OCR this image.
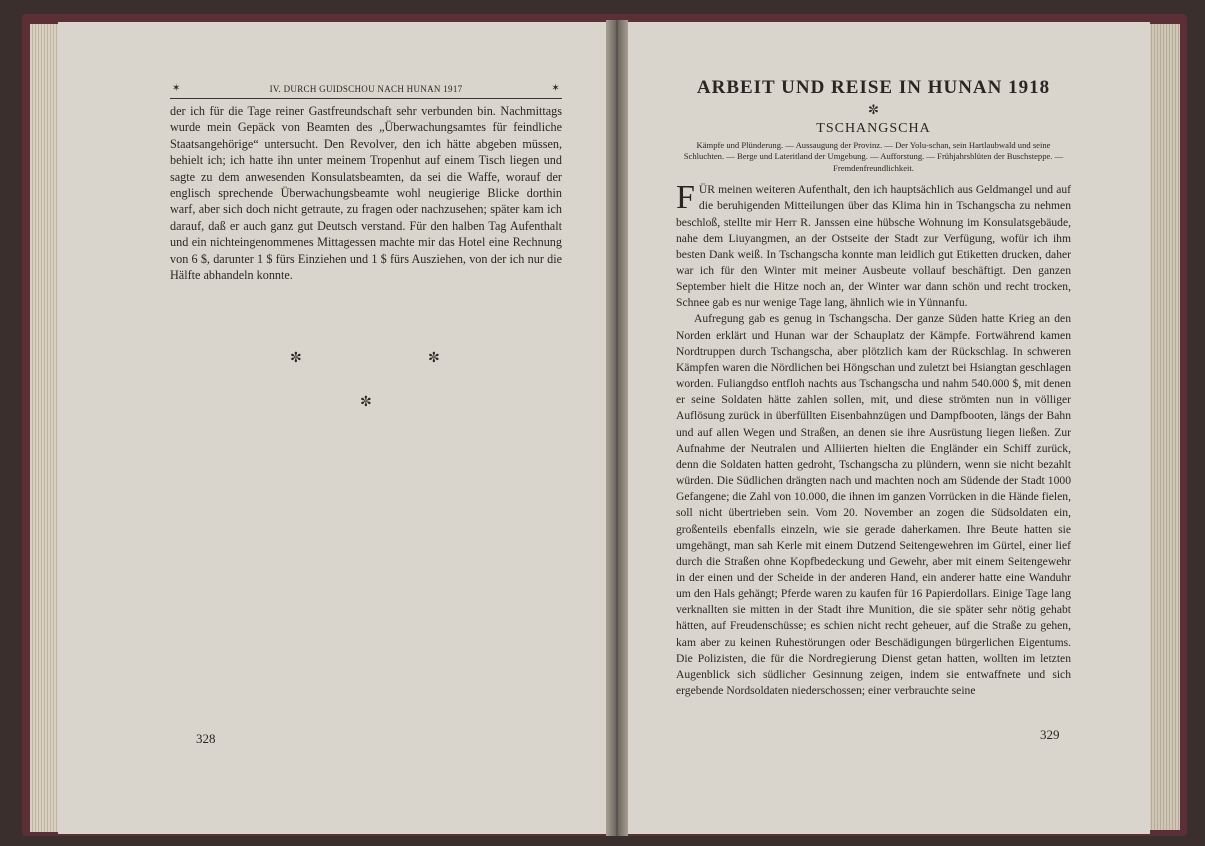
✶	IV. DURCH GUIDSCHOU NACH HUNAN 1917	✶

der ich für die Tage reiner Gastfreundschaft sehr verbunden bin. Nachmittags wurde mein Gepäck von Beamten des „Überwachungsamtes für feindliche Staatsangehörige“ untersucht. Den Revolver, den ich hätte abgeben müssen, behielt ich; ich hatte ihn unter meinem Tropenhut auf einem Tisch liegen und sagte zu dem anwesenden Konsulatsbeamten, da sei die Waffe, worauf der englisch sprechende Überwachungsbeamte wohl neugierige Blicke dorthin warf, aber sich doch nicht getraute, zu fragen oder nachzusehen; später kam ich darauf, daß er auch ganz gut Deutsch verstand. Für den halben Tag Aufenthalt und ein nichteingenommenes Mittagessen machte mir das Hotel eine Rechnung von 6 $, darunter 1 $ fürs Einziehen und 1 $ fürs Ausziehen, von der ich nur die Hälfte abhandeln konnte.

✼	✼
✼
328
ARBEIT UND REISE IN HUNAN 1918
✼
TSCHANGSCHA
Kämpfe und Plünderung. — Aussaugung der Provinz. — Der Yolu-schan, sein Hartlaubwald und seine Schluchten. — Berge und Lateritland der Umgebung. — Aufforstung. — Frühjahrsblüten der Buschsteppe. — Fremdenfreundlichkeit.

FÜR meinen weiteren Aufenthalt, den ich hauptsächlich aus Geldmangel und auf die beruhigenden Mitteilungen über das Klima hin in Tschangscha zu nehmen beschloß, stellte mir Herr R. Janssen eine hübsche Wohnung im Konsulatsgebäude, nahe dem Liuyangmen, an der Ostseite der Stadt zur Verfügung, wofür ich ihm besten Dank weiß. In Tschangscha konnte man leidlich gut Etiketten drucken, daher war ich für den Winter mit meiner Ausbeute vollauf beschäftigt. Den ganzen September hielt die Hitze noch an, der Winter war dann schön und recht trocken, Schnee gab es nur wenige Tage lang, ähnlich wie in Yünnanfu.

Aufregung gab es genug in Tschangscha. Der ganze Süden hatte Krieg an den Norden erklärt und Hunan war der Schauplatz der Kämpfe. Fortwährend kamen Nordtruppen durch Tschangscha, aber plötzlich kam der Rückschlag. In schweren Kämpfen waren die Nördlichen bei Höngschan und zuletzt bei Hsiangtan geschlagen worden. Fuliangdso entfloh nachts aus Tschangscha und nahm 540.000 $, mit denen er seine Soldaten hätte zahlen sollen, mit, und diese strömten nun in völliger Auflösung zurück in überfüllten Eisenbahnzügen und Dampfbooten, längs der Bahn und auf allen Wegen und Straßen, an denen sie ihre Ausrüstung liegen ließen. Zur Aufnahme der Neutralen und Alliierten hielten die Engländer ein Schiff zurück, denn die Soldaten hatten gedroht, Tschangscha zu plündern, wenn sie nicht bezahlt würden. Die Südlichen drängten nach und machten noch am Südende der Stadt 1000 Gefangene; die Zahl von 10.000, die ihnen im ganzen Vorrücken in die Hände fielen, soll nicht übertrieben sein. Vom 20. November an zogen die Südsoldaten ein, großenteils ebenfalls einzeln, wie sie gerade daherkamen. Ihre Beute hatten sie umgehängt, man sah Kerle mit einem Dutzend Seitengewehren im Gürtel, einer lief durch die Straßen ohne Kopfbedeckung und Gewehr, aber mit einem Seitengewehr in der einen und der Scheide in der anderen Hand, ein anderer hatte eine Wanduhr um den Hals gehängt; Pferde waren zu kaufen für 16 Papierdollars. Einige Tage lang verknallten sie mitten in der Stadt ihre Munition, die sie später sehr nötig gehabt hätten, auf Freudenschüsse; es schien nicht recht geheuer, auf die Straße zu gehen, kam aber zu keinen Ruhestörungen oder Beschädigungen bürgerlichen Eigentums. Die Polizisten, die für die Nordregierung Dienst getan hatten, wollten im letzten Augenblick sich südlicher Gesinnung zeigen, indem sie entwaffnete und sich ergebende Nordsoldaten niederschossen; einer verbrauchte seine

329
